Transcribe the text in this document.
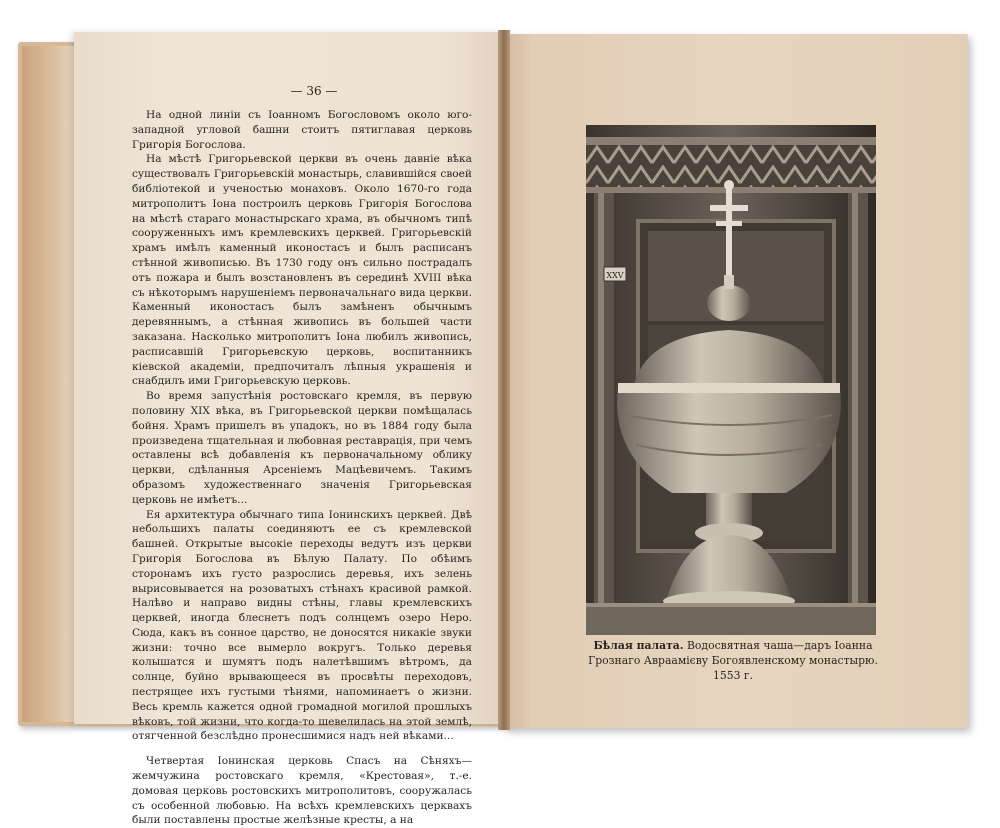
— 36 —

На одной линіи съ Іоанномъ Богословомъ около юго-западной угловой башни стоитъ пятиглавая церковь Григорія Богослова.

На мѣстѣ Григорьевской церкви въ очень давніе вѣка существовалъ Григорьевскій монастырь, славившійся своей библіотекой и ученостью монаховъ. Около 1670-го года митрополитъ Іона построилъ церковь Григорія Богослова на мѣстѣ стараго монастырскаго храма, въ обычномъ типѣ сооруженныхъ имъ кремлевскихъ церквей. Григорьевскій храмъ имѣлъ каменный иконостасъ и былъ расписанъ стѣнной живописью. Въ 1730 году онъ сильно пострадалъ отъ пожара и былъ возстановленъ въ серединѣ XVIII вѣка съ нѣкоторымъ нарушеніемъ первоначальнаго вида церкви. Каменный иконостасъ былъ замѣненъ обычнымъ деревяннымъ, а стѣнная живопись въ большей части заказана. Насколько митрополитъ Іона любилъ живопись, расписавшій Григорьевскую церковь, воспитанникъ кіевской академіи, предпочиталъ лѣпныя украшенія и снабдилъ ими Григорьевскую церковь.

Во время запустѣнія ростовскаго кремля, въ первую половину XIX вѣка, въ Григорьевской церкви помѣщалась бойня. Храмъ пришелъ въ упадокъ, но въ 1884 году была произведена тщательная и любовная реставрація, при чемъ оставлены всѣ добавленія къ первоначальному облику церкви, сдѣланныя Арсеніемъ Мацѣевичемъ. Такимъ образомъ художественнаго значенія Григорьевская церковь не имѣетъ...

Ея архитектура обычнаго типа Іонинскихъ церквей. Двѣ небольшихъ палаты соединяютъ ее съ кремлевской башней. Открытые высокіе переходы ведутъ изъ церкви Григорія Богослова въ Бѣлую Палату. По обѣимъ сторонамъ ихъ густо разрослись деревья, ихъ зелень вырисовывается на розоватыхъ стѣнахъ красивой рамкой. Налѣво и направо видны стѣны, главы кремлевскихъ церквей, иногда блеснетъ подъ солнцемъ озеро Неро. Сюда, какъ въ сонное царство, не доносятся никакіе звуки жизни: точно все вымерло вокругъ. Только деревья колышатся и шумятъ подъ налетѣвшимъ вѣтромъ, да солнце, буйно врывающееся въ просвѣты переходовъ, пестрящее ихъ густыми тѣнями, напоминаетъ о жизни. Весь кремль кажется одной громадной могилой прошлыхъ вѣковъ, той жизни, что когда-то шевелилась на этой землѣ, отягченной безслѣдно пронесшимися надъ ней вѣками...

Четвертая Іонинская церковь Спасъ на Сѣняхъ—жемчужина ростовскаго кремля, «Крестовая», т.-е. домовая церковь ростовскихъ митрополитовъ, сооружалась съ особенной любовью. На всѣхъ кремлевскихъ церквахъ были поставлены простые желѣзные кресты, а на

XXV
Бѣлая палата. Водосвятная чаша—даръ Іоанна Грознаго Авраамієву Богоявленскому монастырю. 1553 г.
